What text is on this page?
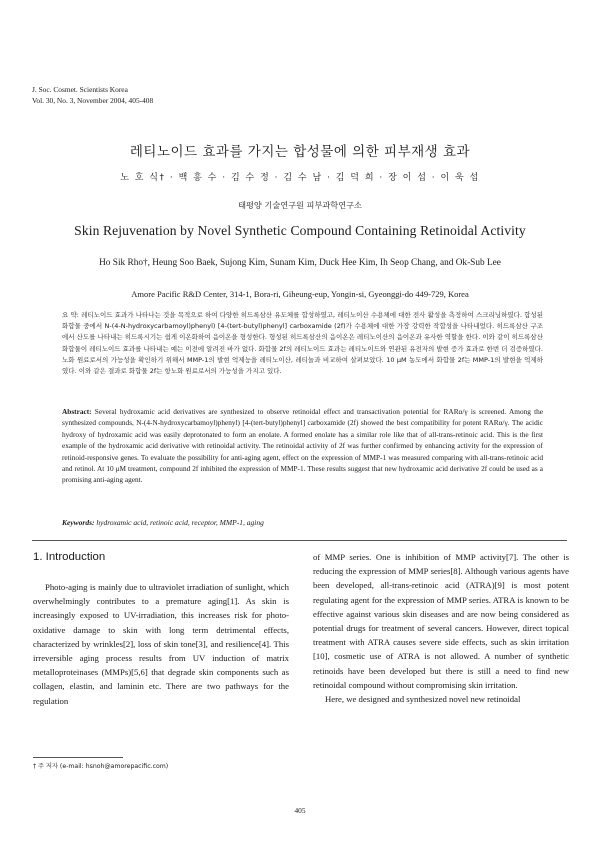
J. Soc. Cosmet. Scientists Korea
Vol. 30, No. 3, November 2004, 405-408
레티노이드 효과를 가지는 합성물에 의한 피부재생 효과
노 호 식† · 백 흥 수 · 김 수 정 · 김 수 남 · 김 덕 희 · 장 이 섭 · 이 욱 섭
태평양 기술연구원 피부과학연구소
Skin Rejuvenation by Novel Synthetic Compound Containing Retinoidal Activity
Ho Sik Rho†, Heung Soo Baek, Sujong Kim, Sunam Kim, Duck Hee Kim, Ih Seop Chang, and Ok-Sub Lee
Amore Pacific R&D Center, 314-1, Bora-ri, Giheung-eup, Yongin-si, Gyeonggi-do 449-729, Korea
요 약: 레티노이드 효과가 나타나는 것을 목적으로 하여 다양한 히드록삼산 유도체를 합성하였고, 레티노이산 수용체에 대한 전사 활성을 측정하여 스크리닝하였다. 합성된 화합물 중에서 N-(4-N-hydroxycarbamoyl)phenyl) [4-(tert-butyl)phenyl] carboxamide (2f)가 수용체에 대한 가장 강력한 작합성을 나타내었다. 히드록삼산 구조에서 산도를 나타내는 히드록시기는 쉽게 이온화하여 음이온을 형성한다. 형성된 히드록삼산의 음이온은 레티노이산의 음이온과 유사한 역할을 한다. 이와 같이 히드록삼산 화합물이 레티노이드 효과를 나타내는 예는 이전에 알려진 바가 없다. 화합물 2f의 레티노이드 효과는 레티노이드와 연관된 유전자의 발현 증가 효과로 한번 더 검증하였다. 노화 원료로서의 가능성을 확인하기 위해서 MMP-1의 발현 억제능을 레티노이산, 레티놀과 비교하여 살펴보았다. 10 μM 농도에서 화합물 2f는 MMP-1의 발현을 억제하였다. 이와 같은 결과로 화합물 2f는 항노화 원료로서의 가능성을 가지고 있다.
Abstract: Several hydroxamic acid derivatives are synthesized to observe retinoidal effect and transactivation potential for RARα/γ is screened. Among the synthesized compounds, N-(4-N-hydroxycarbamoyl)phenyl) [4-(tert-butyl)phenyl] carboxamide (2f) showed the best compatibility for potent RARα/γ. The acidic hydroxy of hydroxamic acid was easily deprotonated to form an enolate. A formed enolate has a similar role like that of all-trans-retinoic acid. This is the first example of the hydroxamic acid derivative with retinoidal activity. The retinoidal activity of 2f was further confirmed by enhancing activity for the expression of retinoid-responsive genes. To evaluate the possibility for anti-aging agent, effect on the expression of MMP-1 was measured comparing with all-trans-retinoic acid and retinol. At 10 μM treatment, compound 2f inhibited the expression of MMP-1. These results suggest that new hydroxamic acid derivative 2f could be used as a promising anti-aging agent.
Keywords: hydroxamic acid, retinoic acid, receptor, MMP-1, aging
1. Introduction
Photo-aging is mainly due to ultraviolet irradiation of sunlight, which overwhelmingly contributes to a premature aging[1]. As skin is increasingly exposed to UV-irradiation, this increases risk for photo-oxidative damage to skin with long term detrimental effects, characterized by wrinkles[2], loss of skin tone[3], and resilience[4]. This irreversible aging process results from UV induction of matrix metalloproteinases (MMPs)[5,6] that degrade skin components such as collagen, elastin, and laminin etc. There are two pathways for the regulation

of MMP series. One is inhibition of MMP activity[7]. The other is reducing the expression of MMP series[8]. Although various agents have been developed, all-trans-retinoic acid (ATRA)[9] is most potent regulating agent for the expression of MMP series. ATRA is known to be effective against various skin diseases and are now being considered as potential drugs for treatment of several cancers. However, direct topical treatment with ATRA causes severe side effects, such as skin irritation [10], cosmetic use of ATRA is not allowed. A number of synthetic retinoids have been developed but there is still a need to find new retinoidal compound without compromising skin irritation.

Here, we designed and synthesized novel new retinoidal

† 주 저자 (e-mail: hsnoh@amorepacific.com)
405
